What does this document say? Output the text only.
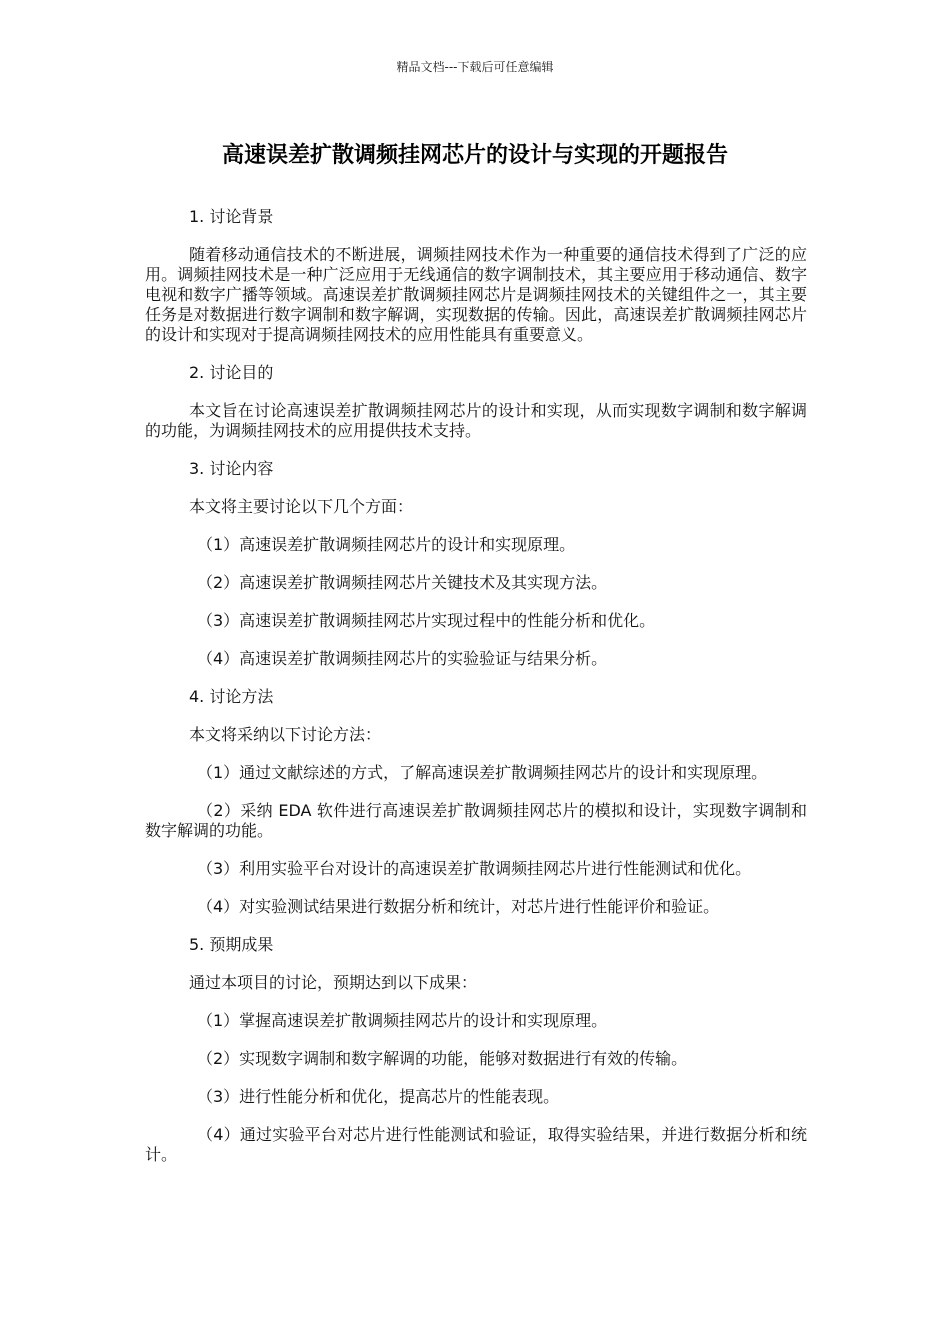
精品文档---下载后可任意编辑
高速误差扩散调频挂网芯片的设计与实现的开题报告
1. 讨论背景
随着移动通信技术的不断进展，调频挂网技术作为一种重要的通信技术得到了广泛的应用。调频挂网技术是一种广泛应用于无线通信的数字调制技术，其主要应用于移动通信、数字电视和数字广播等领域。高速误差扩散调频挂网芯片是调频挂网技术的关键组件之一，其主要任务是对数据进行数字调制和数字解调，实现数据的传输。因此，高速误差扩散调频挂网芯片的设计和实现对于提高调频挂网技术的应用性能具有重要意义。
2. 讨论目的
本文旨在讨论高速误差扩散调频挂网芯片的设计和实现，从而实现数字调制和数字解调的功能，为调频挂网技术的应用提供技术支持。
3. 讨论内容
本文将主要讨论以下几个方面：
（1）高速误差扩散调频挂网芯片的设计和实现原理。
（2）高速误差扩散调频挂网芯片关键技术及其实现方法。
（3）高速误差扩散调频挂网芯片实现过程中的性能分析和优化。
（4）高速误差扩散调频挂网芯片的实验验证与结果分析。
4. 讨论方法
本文将采纳以下讨论方法：
（1）通过文献综述的方式，了解高速误差扩散调频挂网芯片的设计和实现原理。
（2）采纳 EDA 软件进行高速误差扩散调频挂网芯片的模拟和设计，实现数字调制和数字解调的功能。
（3）利用实验平台对设计的高速误差扩散调频挂网芯片进行性能测试和优化。
（4）对实验测试结果进行数据分析和统计，对芯片进行性能评价和验证。
5. 预期成果
通过本项目的讨论，预期达到以下成果：
（1）掌握高速误差扩散调频挂网芯片的设计和实现原理。
（2）实现数字调制和数字解调的功能，能够对数据进行有效的传输。
（3）进行性能分析和优化，提高芯片的性能表现。
（4）通过实验平台对芯片进行性能测试和验证，取得实验结果，并进行数据分析和统计。
